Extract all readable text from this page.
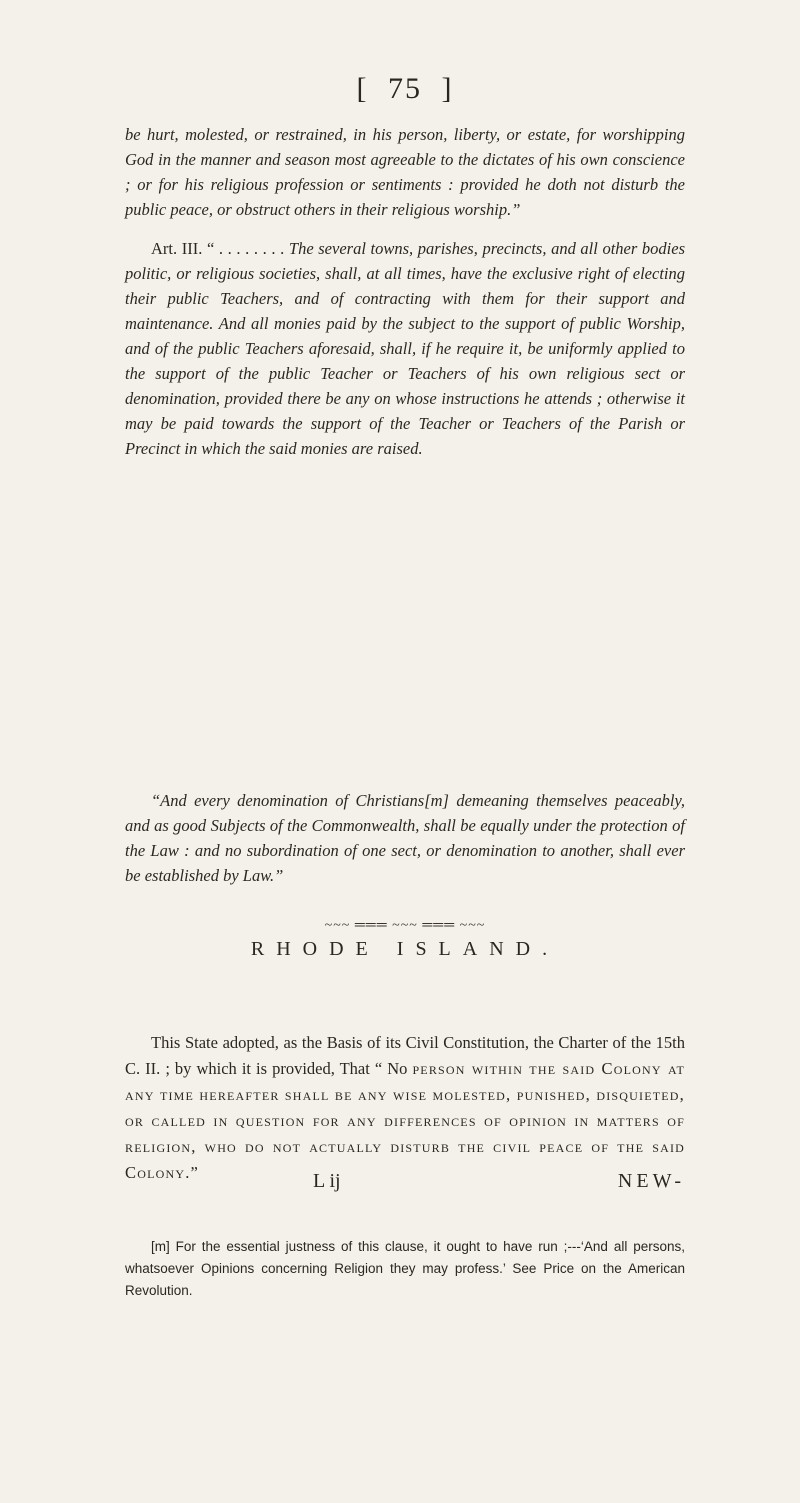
[ 75 ]
be hurt, molested, or restrained, in his person, liberty, or estate, for worshipping God in the manner and season most agreeable to the dictates of his own conscience ; or for his religious profession or sentiments : provided he doth not disturb the public peace, or obstruct others in their religious worship.”
Art. III. “ . . . . . . . . The several towns, parishes, precincts, and all other bodies politic, or religious societies, shall, at all times, have the exclusive right of electing their public Teachers, and of contracting with them for their support and maintenance. And all monies paid by the subject to the support of public Worship, and of the public Teachers aforesaid, shall, if he require it, be uniformly applied to the support of the public Teacher or Teachers of his own religious sect or denomination, provided there be any on whose instructions he attends ; otherwise it may be paid towards the support of the Teacher or Teachers of the Parish or Precinct in which the said monies are raised.
“And every denomination of Christians[m] demeaning themselves peaceably, and as good Subjects of the Commonwealth, shall be equally under the protection of the Law : and no subordination of one sect, or denomination to another, shall ever be established by Law.”
~~~ ═══ ~~~ ═══ ~~~
RHODE ISLAND.
This State adopted, as the Basis of its Civil Constitution, the Charter of the 15th C. II. ; by which it is provided, That “ No person within the said Colony at any time hereafter shall be any wise molested, punished, disquieted, or called in question for any differences of opinion in matters of religion, who do not actually disturb the civil peace of the said Colony.”	L ij	NEW-
[m] For the essential justness of this clause, it ought to have run ;---‘And all persons, whatsoever Opinions concerning Religion they may profess.’ See Price on the American Revolution.
